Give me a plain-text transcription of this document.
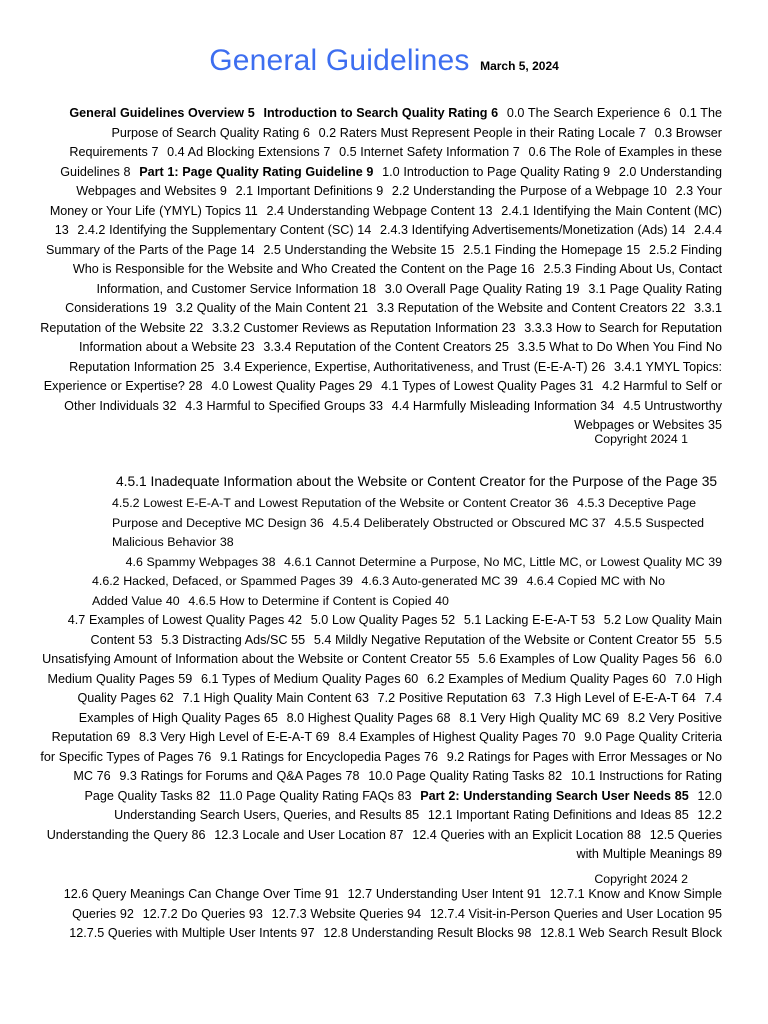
General Guidelines March 5, 2024
General Guidelines Overview 5 Introduction to Search Quality Rating 6 0.0 The Search Experience 6 0.1 The
Purpose of Search Quality Rating 6 0.2 Raters Must Represent People in their Rating Locale 7 0.3 Browser
Requirements 7 0.4 Ad Blocking Extensions 7 0.5 Internet Safety Information 7 0.6 The Role of Examples in these
Guidelines 8 Part 1: Page Quality Rating Guideline 9 1.0 Introduction to Page Quality Rating 9 2.0 Understanding
Webpages and Websites 9 2.1 Important Definitions 9 2.2 Understanding the Purpose of a Webpage 10 2.3 Your
Money or Your Life (YMYL) Topics 11 2.4 Understanding Webpage Content 13 2.4.1 Identifying the Main Content (MC)
13 2.4.2 Identifying the Supplementary Content (SC) 14 2.4.3 Identifying Advertisements/Monetization (Ads) 14 2.4.4
Summary of the Parts of the Page 14 2.5 Understanding the Website 15 2.5.1 Finding the Homepage 15 2.5.2 Finding
Who is Responsible for the Website and Who Created the Content on the Page 16 2.5.3 Finding About Us, Contact
Information, and Customer Service Information 18 3.0 Overall Page Quality Rating 19 3.1 Page Quality Rating
Considerations 19 3.2 Quality of the Main Content 21 3.3 Reputation of the Website and Content Creators 22 3.3.1
Reputation of the Website 22 3.3.2 Customer Reviews as Reputation Information 23 3.3.3 How to Search for Reputation
Information about a Website 23 3.3.4 Reputation of the Content Creators 25 3.3.5 What to Do When You Find No
Reputation Information 25 3.4 Experience, Expertise, Authoritativeness, and Trust (E-E-A-T) 26 3.4.1 YMYL Topics:
Experience or Expertise? 28 4.0 Lowest Quality Pages 29 4.1 Types of Lowest Quality Pages 31 4.2 Harmful to Self or
Other Individuals 32 4.3 Harmful to Specified Groups 33 4.4 Harmfully Misleading Information 34 4.5 Untrustworthy
Webpages or Websites 35
Copyright 2024 1
4.5.1 Inadequate Information about the Website or Content Creator for the Purpose of the Page 35
4.5.2 Lowest E-E-A-T and Lowest Reputation of the Website or Content Creator 36 4.5.3 Deceptive Page
Purpose and Deceptive MC Design 36 4.5.4 Deliberately Obstructed or Obscured MC 37 4.5.5 Suspected
Malicious Behavior 38
4.6 Spammy Webpages 38 4.6.1 Cannot Determine a Purpose, No MC, Little MC, or Lowest Quality MC 39
4.6.2 Hacked, Defaced, or Spammed Pages 39 4.6.3 Auto-generated MC 39 4.6.4 Copied MC with No
Added Value 40 4.6.5 How to Determine if Content is Copied 40
4.7 Examples of Lowest Quality Pages 42 5.0 Low Quality Pages 52 5.1 Lacking E-E-A-T 53 5.2 Low Quality Main
Content 53 5.3 Distracting Ads/SC 55 5.4 Mildly Negative Reputation of the Website or Content Creator 55 5.5
Unsatisfying Amount of Information about the Website or Content Creator 55 5.6 Examples of Low Quality Pages 56 6.0
Medium Quality Pages 59 6.1 Types of Medium Quality Pages 60 6.2 Examples of Medium Quality Pages 60 7.0 High
Quality Pages 62 7.1 High Quality Main Content 63 7.2 Positive Reputation 63 7.3 High Level of E-E-A-T 64 7.4
Examples of High Quality Pages 65 8.0 Highest Quality Pages 68 8.1 Very High Quality MC 69 8.2 Very Positive
Reputation 69 8.3 Very High Level of E-E-A-T 69 8.4 Examples of Highest Quality Pages 70 9.0 Page Quality Criteria
for Specific Types of Pages 76 9.1 Ratings for Encyclopedia Pages 76 9.2 Ratings for Pages with Error Messages or No
MC 76 9.3 Ratings for Forums and Q&A Pages 78 10.0 Page Quality Rating Tasks 82 10.1 Instructions for Rating
Page Quality Tasks 82 11.0 Page Quality Rating FAQs 83 Part 2: Understanding Search User Needs 85 12.0
Understanding Search Users, Queries, and Results 85 12.1 Important Rating Definitions and Ideas 85 12.2
Understanding the Query 86 12.3 Locale and User Location 87 12.4 Queries with an Explicit Location 88 12.5 Queries
with Multiple Meanings 89
Copyright 2024 2
12.6 Query Meanings Can Change Over Time 91 12.7 Understanding User Intent 91 12.7.1 Know and Know Simple
Queries 92 12.7.2 Do Queries 93 12.7.3 Website Queries 94 12.7.4 Visit-in-Person Queries and User Location 95
12.7.5 Queries with Multiple User Intents 97 12.8 Understanding Result Blocks 98 12.8.1 Web Search Result Block
